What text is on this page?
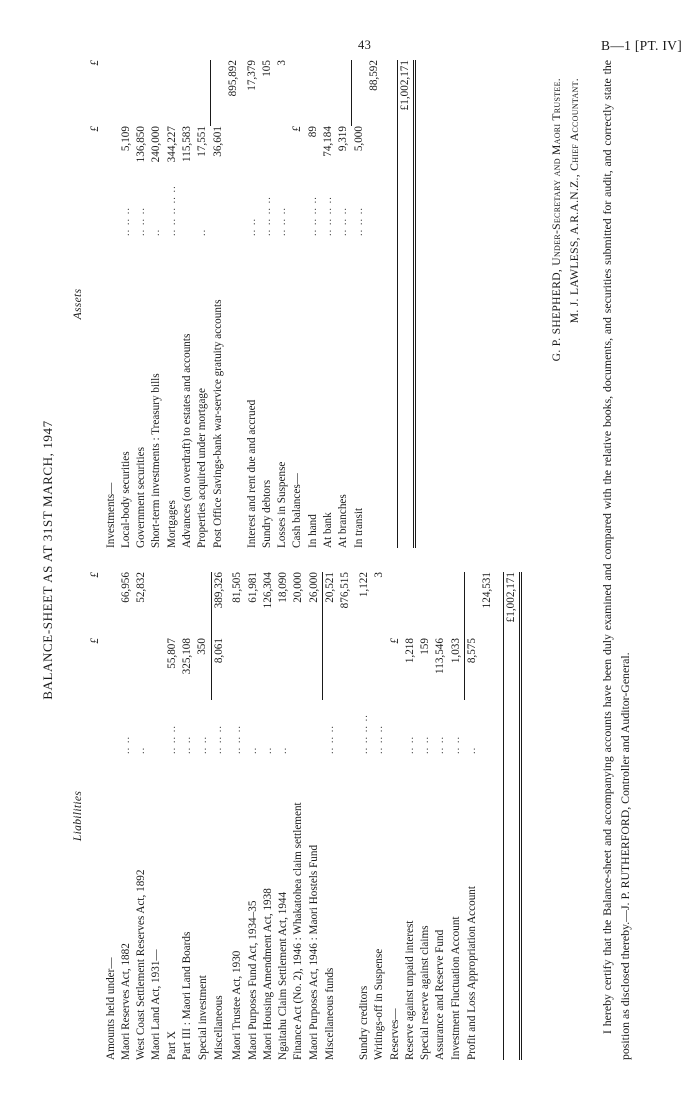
43	B—1 [PT. IV]
BALANCE-SHEET AS AT 31ST MARCH, 1947
Liabilities
		£	£
Amounts held under—			
Maori Reserves Act, 1882	.. ..		66,956
West Coast Settlement Reserves Act, 1892	..		52,832
Maori Land Act, 1931—			
Part X	.. .. ..	55,807	
Part III : Maori Land Boards	.. ..	325,108	
Special investment	.. ..	350	
Miscellaneous	.. .. ..	8,061	389,326

Maori Trustee Act, 1930	.. .. ..		81,505
Maori Purposes Fund Act, 1934–35	..		61,981
Maori Housing Amendment Act, 1938	..		126,304
Ngaitahu Claim Settlement Act, 1944	..		18,090
Finance Act (No. 2), 1946 : Whakatohea claim settlement			20,000
Maori Purposes Act, 1946 : Maori Hostels Fund			26,000
Miscellaneous funds	.. .. ..		20,521
			876,515

Sundry creditors	.. .. .. ..		1,122
Writings-off in Suspense	.. .. ..		3
Reserves—		£	
Reserve against unpaid interest	.. ..	1,218	
Special reserve against claims	.. ..	159	
Assurance and Reserve Fund	.. ..	113,546	
Investment Fluctuation Account	.. ..	1,033	
Profit and Loss Appropriation Account	..	8,575	
			124,531

			£1,002,171
Assets
		£	£
Investments—			
Local-body securities	.. .. ..	5,109	
Government securities	.. .. ..	136,850	
Short-term investments : Treasury bills	..	240,000	
Mortgages	.. .. .. .. ..	344,227	
Advances (on overdraft) to estates and accounts		115,583	
Properties acquired under mortgage	..	17,551	
Post Office Savings-bank war-service gratuity accounts		36,601	
			895,892

Interest and rent due and accrued	.. ..		17,379
Sundry debtors	.. .. .. ..		105
Losses in Suspense	.. .. ..		3
Cash balances—		£	
In hand	.. .. .. ..	89	
At bank	.. .. .. ..	74,184	
At branches	.. .. ..	9,319	
In transit	.. .. ..	5,000	
			88,592

			£1,002,171	G. P. SHEPHERD, Under-Secretary and Maori Trustee. M. J. LAWLESS, A.R.A.N.Z., Chief Accountant. I hereby certify that the Balance-sheet and accompanying accounts have been duly examined and compared with the relative books, documents, and securities submitted for audit, and correctly state the position as disclosed thereby.—J. P. RUTHERFORD, Controller and Auditor-General.
